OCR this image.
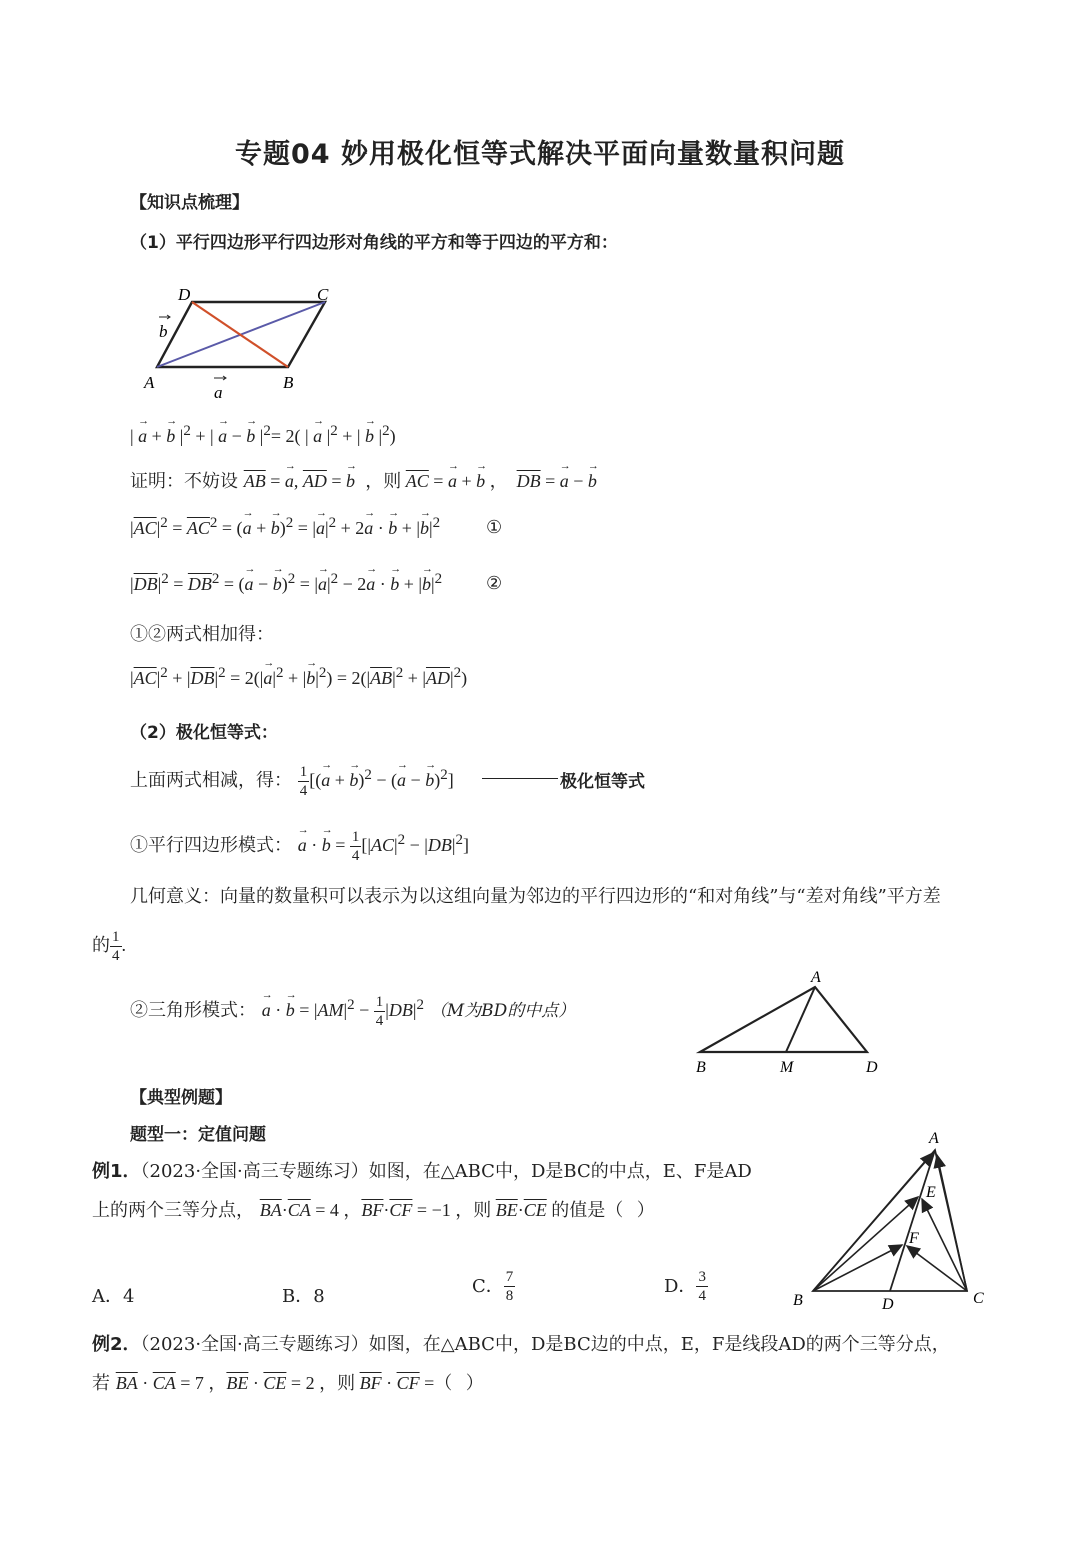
专题04 妙用极化恒等式解决平面向量数量积问题
【知识点梳理】
（1）平行四边形平行四边形对角线的平方和等于四边的平方和：
A	B
C
D
a
b
| → a + → b $|^2$ + | → a − → b $|^2= 2$( | → a $|^2$ + | → b $|^2$)
证明：不妨设 $\overline{AB}$ = → a, $\overline{AD}$ = → b  ，则 $\overline{AC}$ = → a + → b ，  $\overline{DB}$ = → a − → b
$|\overline{AC}|^2 = \overline{AC}^2$ = (→ a + → b)$^2$ = |→ $a|^2 + 2\to a$ · → b + |→ $b|^2$	①
$|\overline{DB}|^2 = \overline{DB}^2$ = (→ a − → b)$^2$ = |→ $a|^2 - 2\to a$ · → b + |→ $b|^2$ ②
①②两式相加得：
$|\overline{AC}|^2 + |\overline{DB}|^2 = 2(|\to a|^2$ + |→ $b|^2) = 2(|\overline{AB}|^2 + |\overline{AD}|^2)$
（2）极化恒等式：
上面两式相减，得： $\frac{1}{4}$ [(→ a + → b)$^2$ − (→ a − → b)$^2$]	极化恒等式
①平行四边形模式： → a · → $b = \frac{1}{4} [|AC|^2 - |DB|^2]$
几何意义：向量的数量积可以表示为以这组向量为邻边的平行四边形的“和对角线”与“差对角线”平方差
的 $\frac{1}{4}$ .
②三角形模式： → a · → $b = |AM|^2 - \frac{1}{4} |DB|^2$ （M为BD的中点）
A
B	M	D
【典型例题】
题型一：定值问题
例1．（2023·全国·高三专题练习）如图，在△ABC中，D是BC的中点，E、F是AD
上的两个三等分点， $\overline{BA}\cdot\overline{CA} = 4$ ，$\overline{BF}\cdot\overline{CF} = -1$ ，则 $\overline{BE}\cdot\overline{CE}$ 的值是（   ）
A．4	B．8	C． $\frac{7}{8}$	D． $\frac{3}{4}$
A
B	C
D
E
F
例2．（2023·全国·高三专题练习）如图，在△ABC中，D是BC边的中点，E，F是线段AD的两个三等分点，
若 $\overline{BA} \cdot \overline{CA} = 7$ ，$\overline{BE} \cdot \overline{CE} = 2$ ，则 $\overline{BF} \cdot \overline{CF}$ =（   ）
